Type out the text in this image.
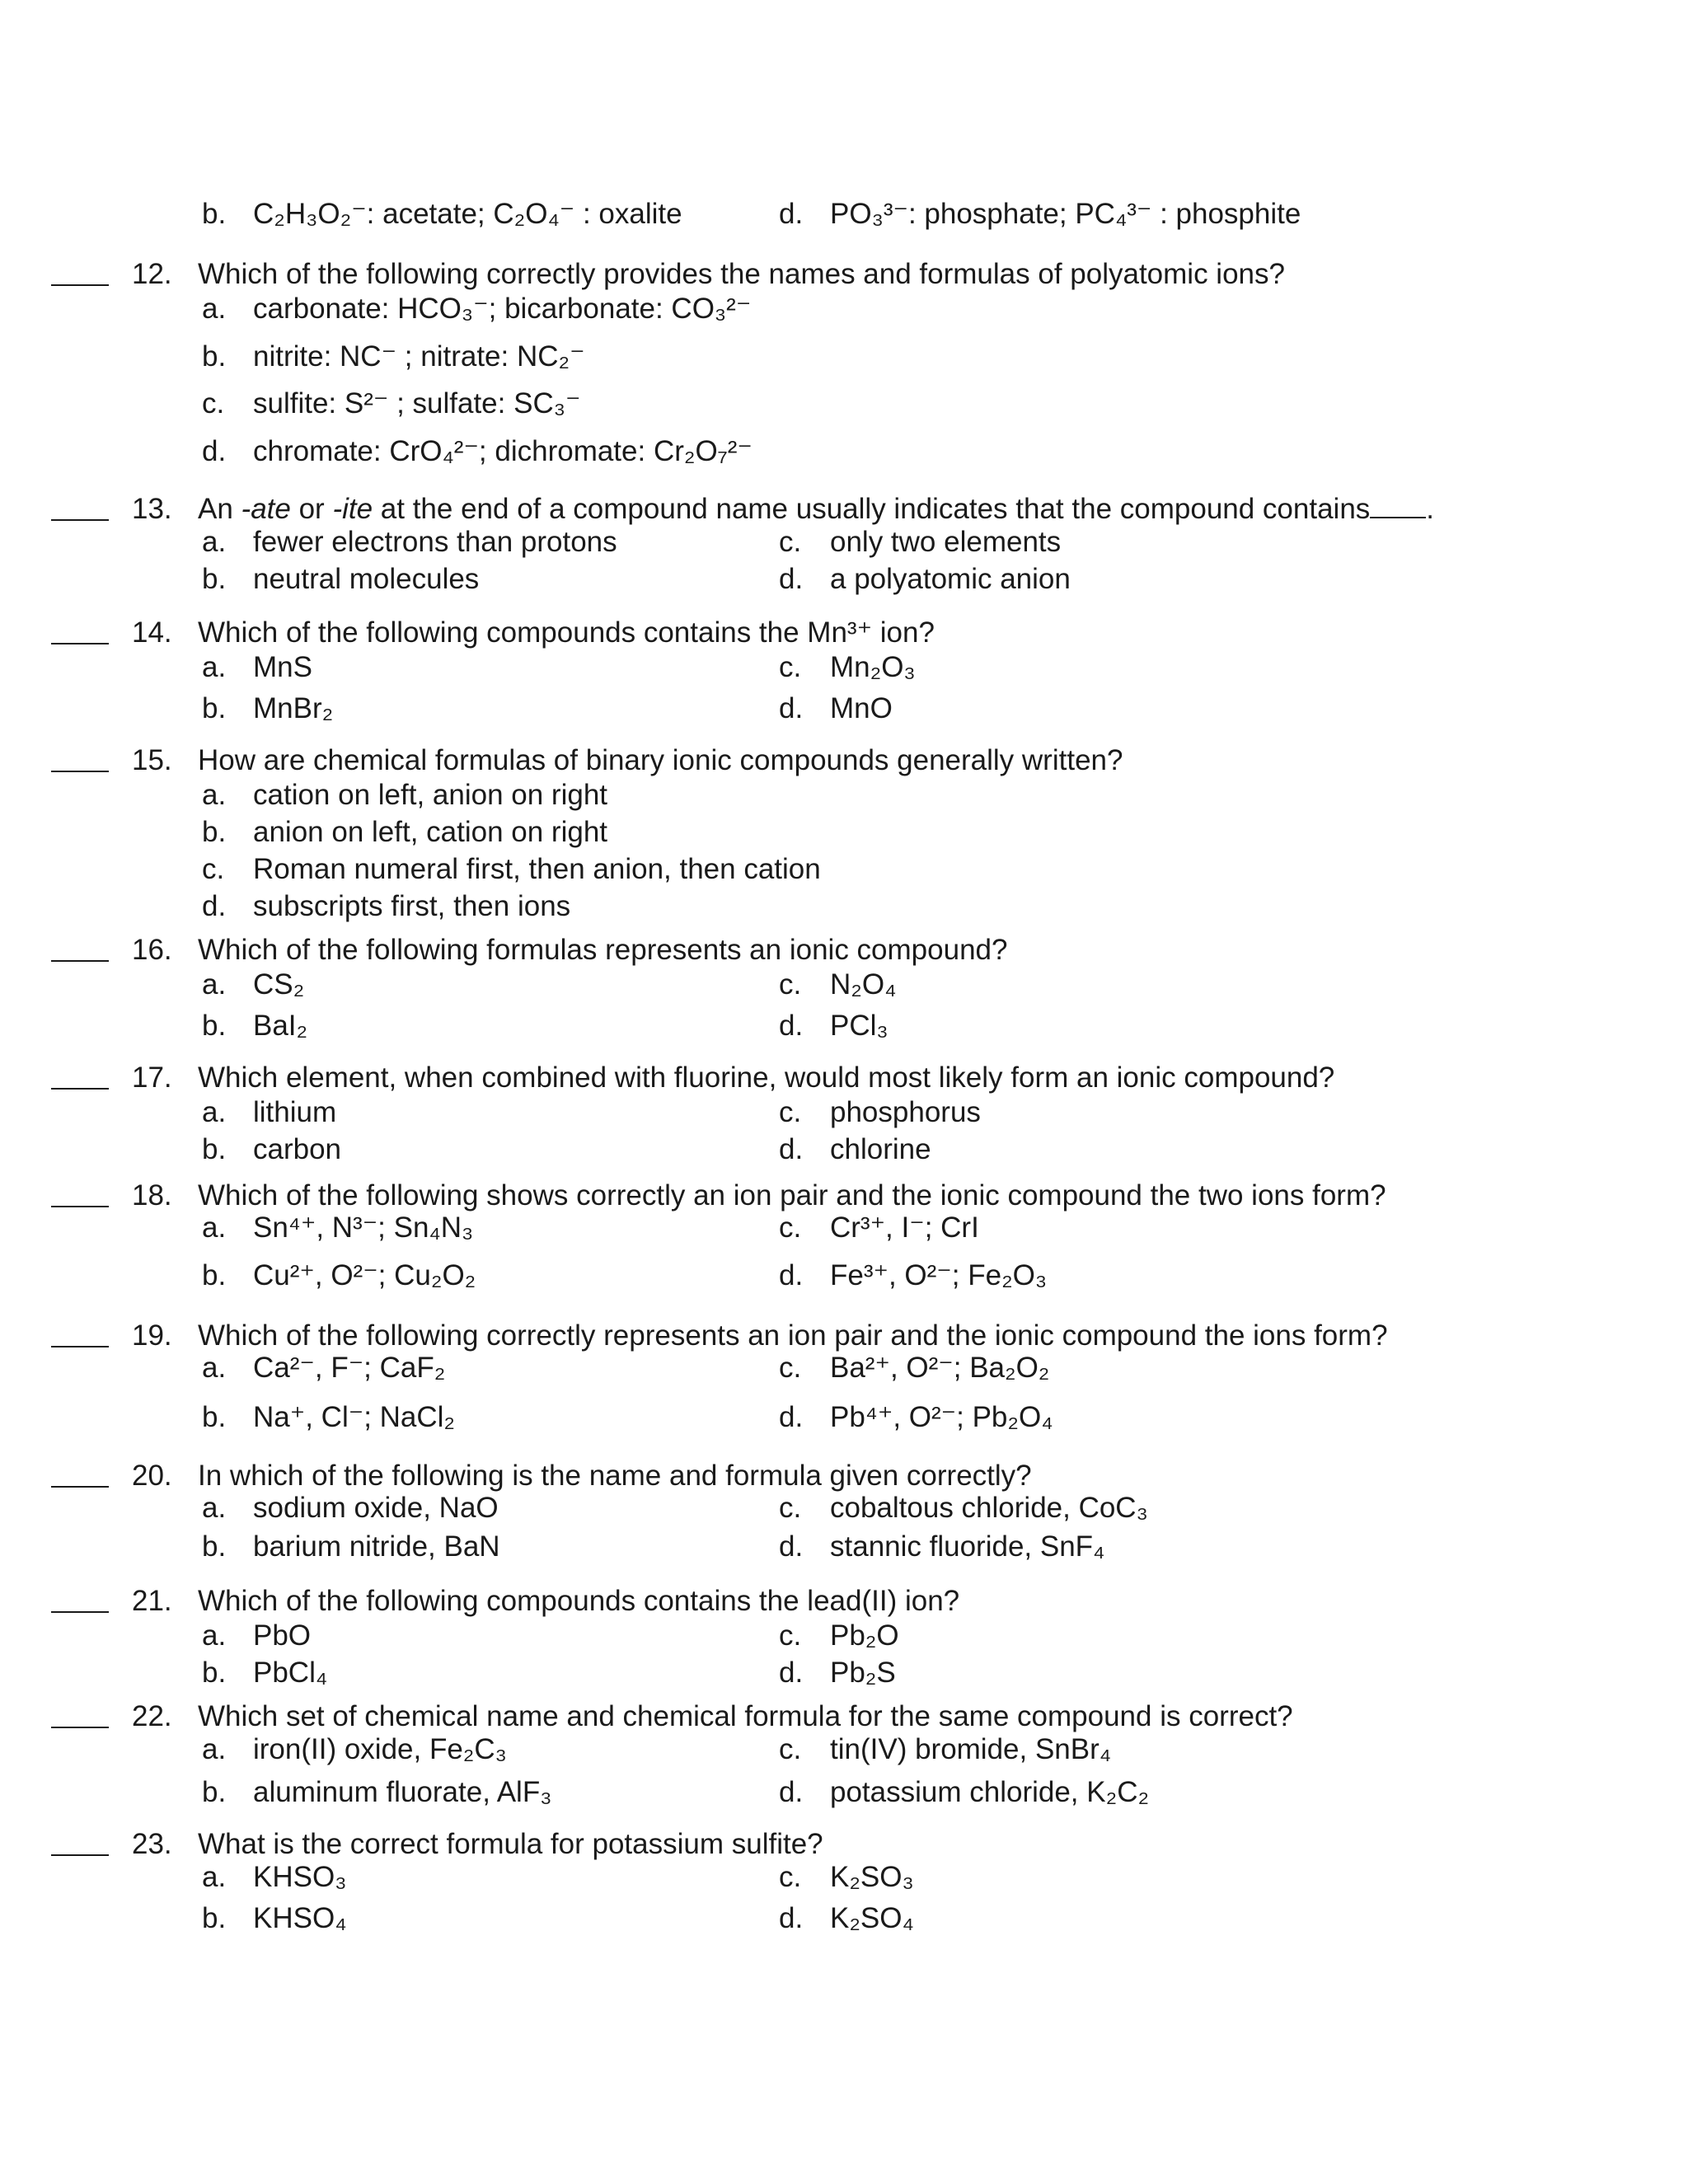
b. C₂H₃O₂⁻: acetate; C₂O₄⁻ : oxalite	d. PO₃³⁻: phosphate; PC₄³⁻ : phosphite
12. Which of the following correctly provides the names and formulas of polyatomic ions?
a. carbonate: HCO₃⁻; bicarbonate: CO₃²⁻
b. nitrite: NC⁻ ; nitrate: NC₂⁻
c. sulfite: S²⁻ ; sulfate: SC₃⁻
d. chromate: CrO₄²⁻; dichromate: Cr₂O₇²⁻
13. An -ate or -ite at the end of a compound name usually indicates that the compound contains .
a. fewer electrons than protons	c. only two elements
b. neutral molecules	d. a polyatomic anion
14. Which of the following compounds contains the Mn³⁺ ion?
a. MnS	c. Mn₂O₃
b. MnBr₂	d. MnO
15. How are chemical formulas of binary ionic compounds generally written?
a. cation on left, anion on right
b. anion on left, cation on right
c. Roman numeral first, then anion, then cation
d. subscripts first, then ions
16. Which of the following formulas represents an ionic compound?
a. CS₂	c. N₂O₄
b. BaI₂	d. PCl₃
17. Which element, when combined with fluorine, would most likely form an ionic compound?
a. lithium	c. phosphorus
b. carbon	d. chlorine
18. Which of the following shows correctly an ion pair and the ionic compound the two ions form?
a. Sn⁴⁺, N³⁻; Sn₄N₃	c. Cr³⁺, I⁻; CrI
b. Cu²⁺, O²⁻; Cu₂O₂	d. Fe³⁺, O²⁻; Fe₂O₃
19. Which of the following correctly represents an ion pair and the ionic compound the ions form?
a. Ca²⁻, F⁻; CaF₂	c. Ba²⁺, O²⁻; Ba₂O₂
b. Na⁺, Cl⁻; NaCl₂	d. Pb⁴⁺, O²⁻; Pb₂O₄
20. In which of the following is the name and formula given correctly?
a. sodium oxide, NaO	c. cobaltous chloride, CoC₃
b. barium nitride, BaN	d. stannic fluoride, SnF₄
21. Which of the following compounds contains the lead(II) ion?
a. PbO	c. Pb₂O
b. PbCl₄	d. Pb₂S
22. Which set of chemical name and chemical formula for the same compound is correct?
a. iron(II) oxide, Fe₂C₃	c. tin(IV) bromide, SnBr₄
b. aluminum fluorate, AlF₃	d. potassium chloride, K₂C₂
23. What is the correct formula for potassium sulfite?
a. KHSO₃	c. K₂SO₃
b. KHSO₄	d. K₂SO₄
